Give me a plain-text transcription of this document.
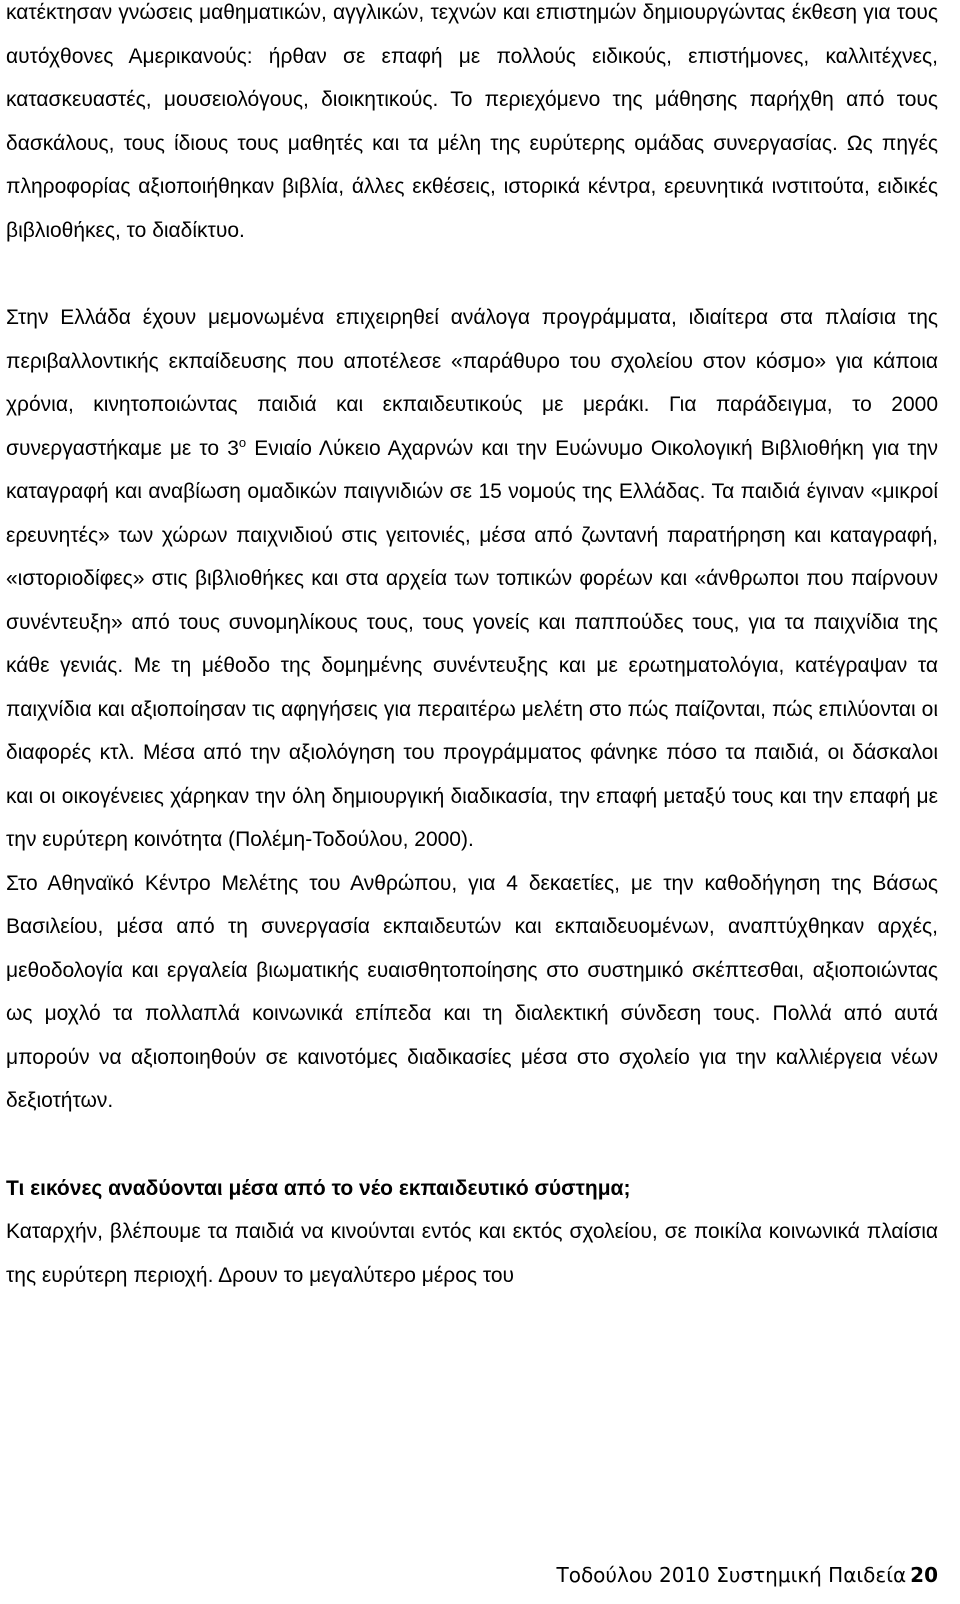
κατέκτησαν γνώσεις μαθηματικών, αγγλικών, τεχνών και επιστημών δημιουργώντας έκθεση για τους αυτόχθονες Αμερικανούς: ήρθαν σε επαφή με πολλούς ειδικούς, επιστήμονες, καλλιτέχνες, κατασκευαστές, μουσειολόγους, διοικητικούς. Το περιεχόμενο της μάθησης παρήχθη από τους δασκάλους, τους ίδιους τους μαθητές και τα μέλη της ευρύτερης ομάδας συνεργασίας. Ως πηγές πληροφορίας αξιοποιήθηκαν βιβλία, άλλες εκθέσεις, ιστορικά κέντρα, ερευνητικά ινστιτούτα, ειδικές βιβλιοθήκες, το διαδίκτυο.

Στην Ελλάδα έχουν μεμονωμένα επιχειρηθεί ανάλογα προγράμματα, ιδιαίτερα στα πλαίσια της περιβαλλοντικής εκπαίδευσης που αποτέλεσε «παράθυρο του σχολείου στον κόσμο» για κάποια χρόνια, κινητοποιώντας παιδιά και εκπαιδευτικούς με μεράκι. Για παράδειγμα, το 2000 συνεργαστήκαμε με το $3^o$ Ενιαίο Λύκειο Αχαρνών και την Ευώνυμο Οικολογική Βιβλιοθήκη για την καταγραφή και αναβίωση ομαδικών παιγνιδιών σε 15 νομούς της Ελλάδας. Τα παιδιά έγιναν «μικροί ερευνητές» των χώρων παιχνιδιού στις γειτονιές, μέσα από ζωντανή παρατήρηση και καταγραφή, «ιστοριοδίφες» στις βιβλιοθήκες και στα αρχεία των τοπικών φορέων και «άνθρωποι που παίρνουν συνέντευξη» από τους συνομηλίκους τους, τους γονείς και παππούδες τους, για τα παιχνίδια της κάθε γενιάς. Με τη μέθοδο της δομημένης συνέντευξης και με ερωτηματολόγια, κατέγραψαν τα παιχνίδια και αξιοποίησαν τις αφηγήσεις για περαιτέρω μελέτη στο πώς παίζονται, πώς επιλύονται οι διαφορές κτλ. Μέσα από την αξιολόγηση του προγράμματος φάνηκε πόσο τα παιδιά, οι δάσκαλοι και οι οικογένειες χάρηκαν την όλη δημιουργική διαδικασία, την επαφή μεταξύ τους και την επαφή με την ευρύτερη κοινότητα (Πολέμη-Τοδούλου, 2000).

Στο Αθηναϊκό Κέντρο Μελέτης του Ανθρώπου, για 4 δεκαετίες, με την καθοδήγηση της Βάσως Βασιλείου, μέσα από τη συνεργασία εκπαιδευτών και εκπαιδευομένων, αναπτύχθηκαν αρχές, μεθοδολογία και εργαλεία βιωματικής ευαισθητοποίησης στο συστημικό σκέπτεσθαι, αξιοποιώντας ως μοχλό τα πολλαπλά κοινωνικά επίπεδα και τη διαλεκτική σύνδεση τους. Πολλά από αυτά μπορούν να αξιοποιηθούν σε καινοτόμες διαδικασίες μέσα στο σχολείο για την καλλιέργεια νέων δεξιοτήτων.

Τι εικόνες αναδύονται μέσα από το νέο εκπαιδευτικό σύστημα;

Καταρχήν, βλέπουμε τα παιδιά να κινούνται εντός και εκτός σχολείου, σε ποικίλα κοινωνικά πλαίσια της ευρύτερη περιοχή. Δρουν το μεγαλύτερο μέρος του

Τοδούλου 2010 Συστημική Παιδεία 20
